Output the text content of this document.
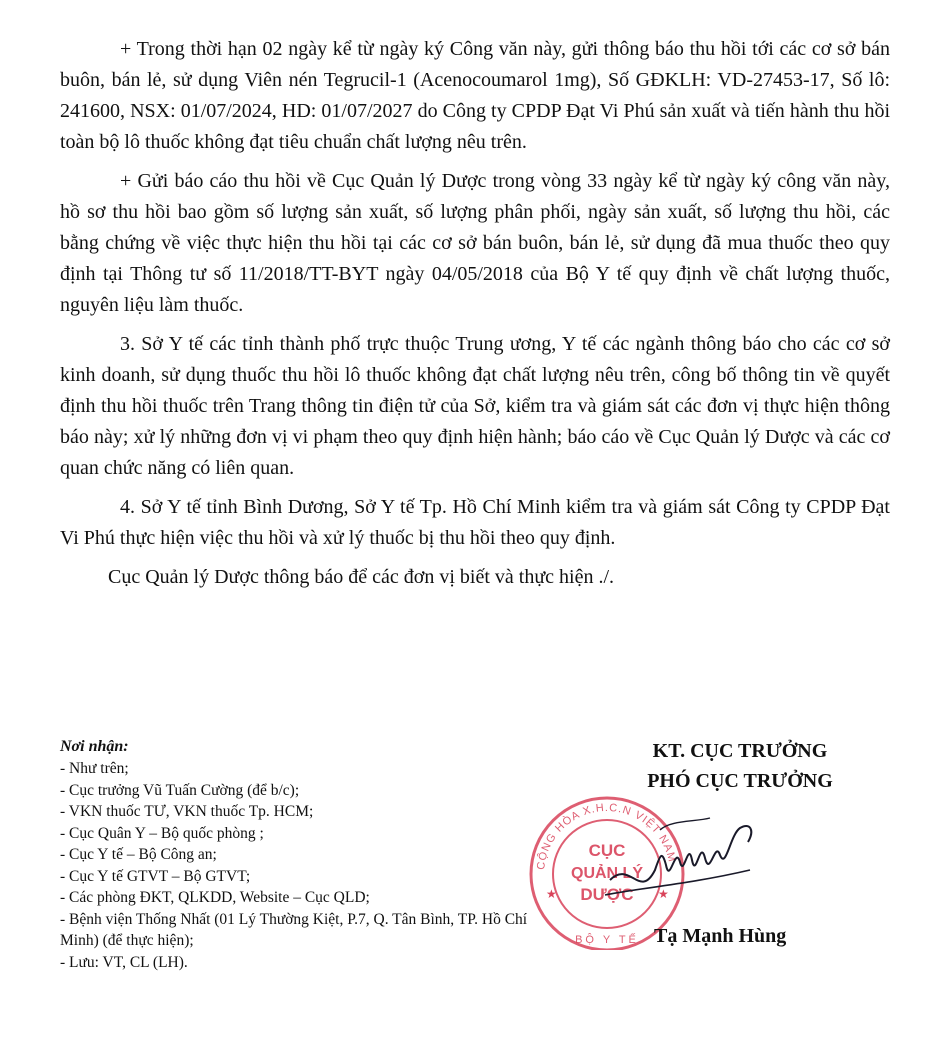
+ Trong thời hạn 02 ngày kể từ ngày ký Công văn này, gửi thông báo thu hồi tới các cơ sở bán buôn, bán lẻ, sử dụng Viên nén Tegrucil-1 (Acenocoumarol 1mg), Số GĐKLH: VD-27453-17, Số lô: 241600, NSX: 01/07/2024, HD: 01/07/2027 do Công ty CPDP Đạt Vi Phú sản xuất và tiến hành thu hồi toàn bộ lô thuốc không đạt tiêu chuẩn chất lượng nêu trên.

+ Gửi báo cáo thu hồi về Cục Quản lý Dược trong vòng 33 ngày kể từ ngày ký công văn này, hồ sơ thu hồi bao gồm số lượng sản xuất, số lượng phân phối, ngày sản xuất, số lượng thu hồi, các bằng chứng về việc thực hiện thu hồi tại các cơ sở bán buôn, bán lẻ, sử dụng đã mua thuốc theo quy định tại Thông tư số 11/2018/TT-BYT ngày 04/05/2018 của Bộ Y tế quy định về chất lượng thuốc, nguyên liệu làm thuốc.

3. Sở Y tế các tỉnh thành phố trực thuộc Trung ương, Y tế các ngành thông báo cho các cơ sở kinh doanh, sử dụng thuốc thu hồi lô thuốc không đạt chất lượng nêu trên, công bố thông tin về quyết định thu hồi thuốc trên Trang thông tin điện tử của Sở, kiểm tra và giám sát các đơn vị thực hiện thông báo này; xử lý những đơn vị vi phạm theo quy định hiện hành; báo cáo về Cục Quản lý Dược và các cơ quan chức năng có liên quan.

4. Sở Y tế tỉnh Bình Dương, Sở Y tế Tp. Hồ Chí Minh kiểm tra và giám sát Công ty CPDP Đạt Vi Phú thực hiện việc thu hồi và xử lý thuốc bị thu hồi theo quy định.

Cục Quản lý Dược thông báo để các đơn vị biết và thực hiện ./.

Nơi nhận:
- Như trên;
- Cục trưởng Vũ Tuấn Cường (để b/c);
- VKN thuốc TƯ, VKN thuốc Tp. HCM;
- Cục Quân Y – Bộ quốc phòng ;
- Cục Y tế – Bộ Công an;
- Cục Y tế GTVT – Bộ GTVT;
- Các phòng ĐKT, QLKDD, Website – Cục QLD;
- Bệnh viện Thống Nhất (01 Lý Thường Kiệt, P.7, Q. Tân Bình, TP. Hồ Chí Minh) (để thực hiện);
- Lưu: VT, CL (LH).
KT. CỤC TRƯỞNG
PHÓ CỤC TRƯỞNG
CỘNG HÒA X.H.C.N VIỆT NAM
BỘ Y TẾ
★	★
CỤC
QUẢN LÝ
DƯỢC
Tạ Mạnh Hùng
